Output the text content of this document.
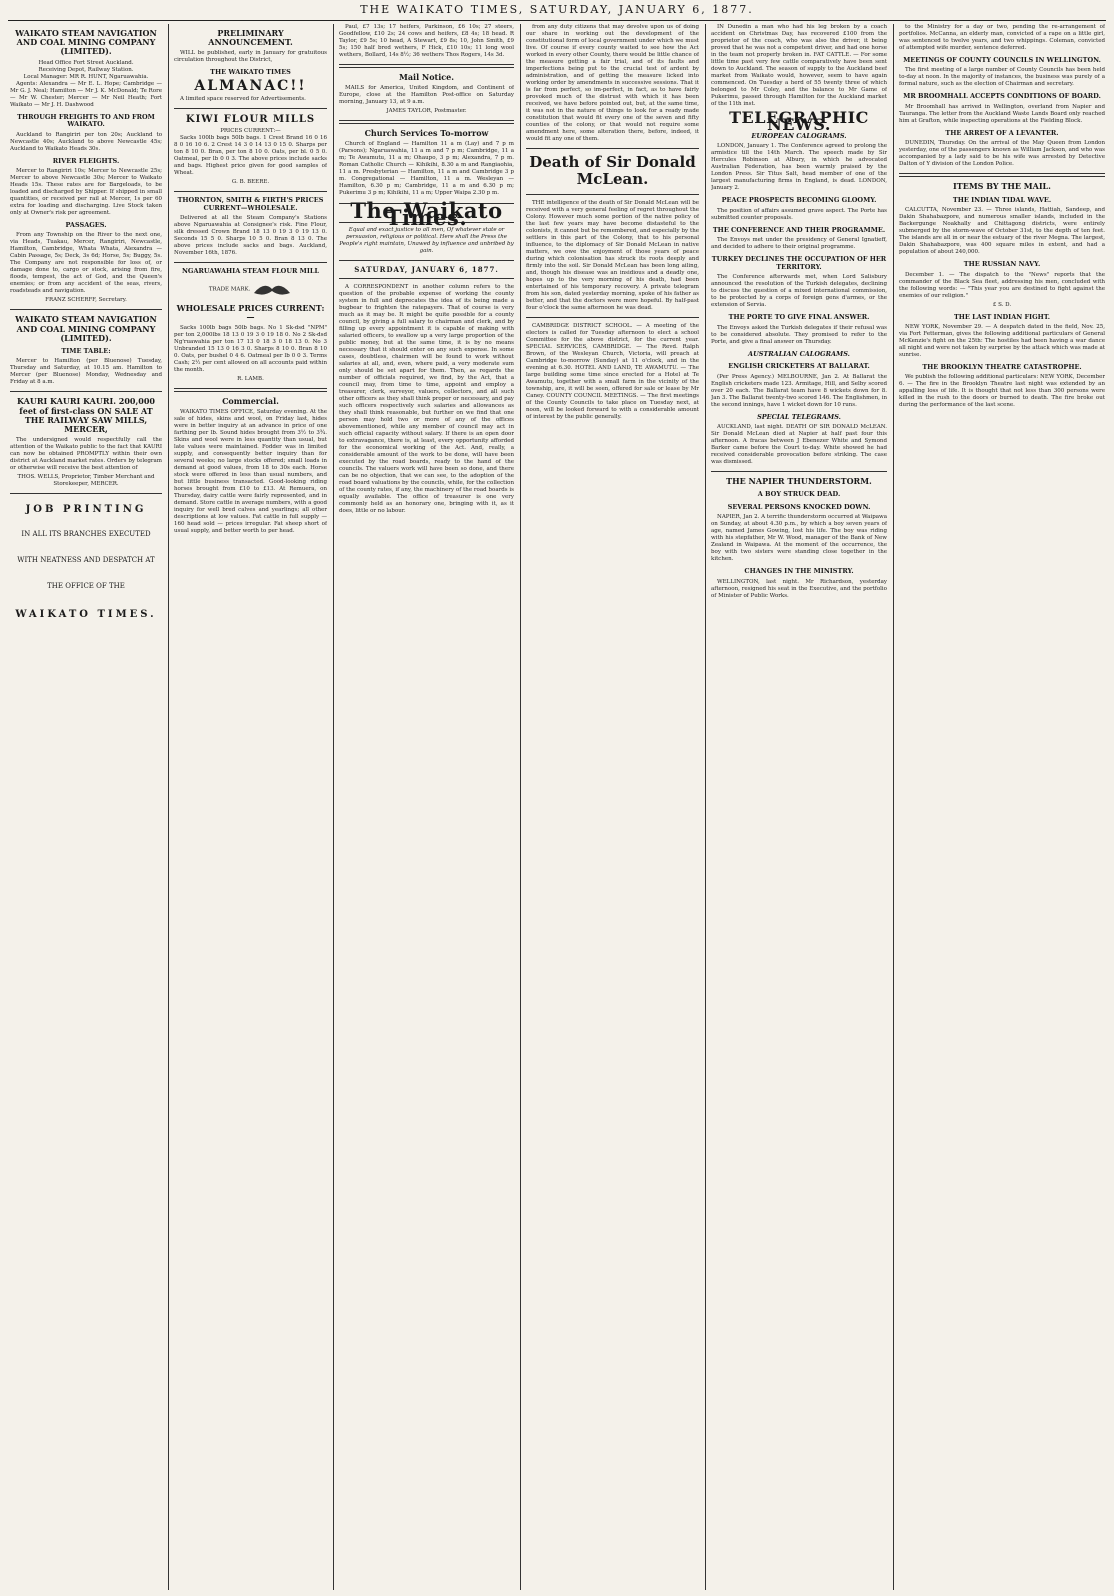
THE WAIKATO TIMES, SATURDAY, JANUARY 6, 1877.
WAIKATO STEAM NAVIGATION AND COAL MINING COMPANY (LIMITED).
Head Office Fort Street Auckland.
Receiving Depot, Railway Station.
Local Manager: MR R. HUNT, Ngaruawahia.
Agents: Alexandra — Mr E. L. Hope; Cambridge — Mr G. J. Neal; Hamilton — Mr J. K. McDonald; Te Rore — Mr W. Chester; Mercer — Mr Neil Heath; Fort Waikato — Mr J. H. Dashwood
THROUGH FREIGHTS TO AND FROM WAIKATO.
Auckland to Rangiriri per ton 20s; Auckland to Newcastle 40s; Auckland to above Newcastle 45s; Auckland to Waikato Heads 30s.
RIVER FLEIGHTS.
Mercer to Rangiriri 10s; Mercer to Newcastle 25s; Mercer to above Newcastle 30s; Mercer to Waikato Heads 15s. These rates are for Bargeloads, to be loaded and discharged by Shipper. If shipped in small quantities, or received per rail at Mercer, 1s per 60 extra for loading and discharging. Live Stock taken only at Owner's risk per agreement.
PASSAGES.
From any Township on the River to the next one, via Heads, Tuakau, Mercer, Rangiriri, Newcastle, Hamilton, Cambridge, Whata Whata, Alexandra — Cabin Passage, 5s; Deck, 3s 6d; Horse, 5s; Buggy, 5s. The Company are not responsible for loss of, or damage done to, cargo or stock, arising from fire, floods, tempest, the act of God, and the Queen's enemies; or from any accident of the seas, rivers, roadsteads and navigation.
FRANZ SCHERFF, Secretary.
WAIKATO STEAM NAVIGATION AND COAL MINING COMPANY (LIMITED).
TIME TABLE:
Mercer to Hamilton (per Bluenose) Tuesday, Thursday and Saturday, at 10.15 am. Hamilton to Mercer (per Bluenose) Monday, Wednesday and Friday at 8 a.m.
KAURI KAURI KAURI. 200,000 feet of first-class ON SALE AT THE RAILWAY SAW MILLS, MERCER,
The undersigned would respectfully call the attention of the Waikato public to the fact that KAURI can now be obtained PROMPTLY within their own district at Auckland market rates. Orders by telegram or otherwise will receive the best attention of
THOS. WELLS, Proprietor, Timber Merchant and Storekeeper, MERCER.
JOB PRINTING
IN ALL ITS BRANCHES EXECUTED WITH NEATNESS AND DESPATCH AT THE OFFICE OF THE
WAIKATO TIMES.
PRELIMINARY ANNOUNCEMENT.
WILL be published, early in January for gratuitous circulation throughout the District,
THE WAIKATO TIMES
ALMANAC!!
A limited space reserved for Advertisements.
KIWI FLOUR MILLS
PRICES CURRENT:—
Sacks 100lb bags 50lb bags. 1 Crest Brand 16 0 16 8 0 16 10 6. 2 Crest 14 3 0 14 13 0 15 0. Sharps per ton 8 10 0. Bran, per ton 8 10 0. Oats, per bl. 0 5 0. Oatmeal, per lb 0 0 3. The above prices include sacks and bags. Highest price given for good samples of Wheat.
G. B. BEERE.
THORNTON, SMITH & FIRTH'S PRICES CURRENT—WHOLESALE.
Delivered at all the Steam Company's Stations above Ngaruawahia at Consignee's risk. Fine Flour, silk dressed Crown Brand 18 13 0 19 3 0 19 13 0. Seconds 15 5 0. Sharps 10 5 0. Bran 8 13 0. The above prices include sacks and bags. Auckland, November 16th, 1876.
NGARUAWAHIA STEAM FLOUR MILL
TRADE MARK.
WHOLESALE PRICES CURRENT:—
Sacks 100lb bags 50lb bags. No 1 Sk-dsd "NPM" per ton 2,000lbs 18 13 0 19 3 0 19 18 0. No 2 Sk-dsd Ng'ruawahia per ton 17 13 0 18 3 0 18 13 0. No 3 Unbranded 15 13 0 16 3 0. Sharps 8 10 0. Bran 8 10 0. Oats, per bushel 0 4 6. Oatmeal per lb 0 0 3. Terms Cash; 2½ per cent allowed on all accounts paid within the month.
R. LAMB.
Commercial.
WAIKATO TIMES OFFICE, Saturday evening. At the sale of hides, skins and wool, on Friday last, hides were in better inquiry at an advance in price of one farthing per lb. Sound hides brought from 3½ to 3¾. Skins and wool were in less quantity than usual, but late values were maintained. Fodder was in limited supply, and consequently better inquiry than for several weeks; no large stocks offered; small loads in demand at good values, from 18 to 30s each. Horse stock were offered in less than usual numbers, and but little business transacted. Good-looking riding horses brought from £10 to £13. At Remuera, on Thursday, dairy cattle were fairly represented, and in demand. Store cattle in average numbers, with a good inquiry for well bred calves and yearlings; all other descriptions at low values. Fat cattle in full supply — 160 head sold — prices irregular. Fat sheep short of usual supply, and better worth to per head.
Paul, £7 13s; 17 heifers, Parkinson, £6 10s; 27 steers, Goodfellow, £10 2s; 24 cows and heifers, £8 4s; 18 head. R Taylor, £9 5s; 10 head, A Stewart, £9 8s; 10, John Smith, £9 5s; 150 half bred wethers, F Hick, £10 10s; 11 long wool wethers, Bollard, 14s 8½; 36 wethers Thos Rogers, 14s 3d.
Mail Notice.
MAILS for America, United Kingdom, and Continent of Europe, close at the Hamilton Post-office on Saturday morning, January 13, at 9 a.m.
JAMES TAYLOR, Postmaster.
Church Services To-morrow
Church of England — Hamilton 11 a m (Lay) and 7 p m (Parsons); Ngaruawahia, 11 a m and 7 p m; Cambridge, 11 a m; Te Awamutu, 11 a m; Ohaupo, 3 p m; Alexandra, 7 p m. Roman Catholic Church — Kihikihi, 8.30 a m and Rangiaohia, 11 a m. Presbyterian — Hamilton, 11 a m and Cambridge 3 p m. Congregational — Hamilton, 11 a m. Wesleyan — Hamilton, 6.30 p m; Cambridge, 11 a m and 6.30 p m; Pukerimu 3 p m; Kihikihi, 11 a m; Upper Waipa 2.30 p m.
The Waikato Times.
Equal and exact justice to all men, Of whatever state or persuasion, religious or political. Here shall the Press the People's right maintain, Unawed by influence and unbribed by gain.
SATURDAY, JANUARY 6, 1877.
A CORRESPONDENT in another column refers to the question of the probable expense of working the county system in full and deprecates the idea of its being made a bugbear to frighten the ratepayers. That of course is very much as it may be. It might be quite possible for a county council, by giving a full salary to chairman and clerk, and by filling up every appointment it is capable of making with salaried officers, to swallow up a very large proportion of the public money, but at the same time, it is by no means necessary that it should enter on any such expense. In some cases, doubtless, chairmen will be found to work without salaries at all, and, even, where paid, a very moderate sum only should be set apart for them. Then, as regards the number of officials required, we find, by the Act, that a council may, from time to time, appoint and employ a treasurer, clerk, surveyor, valuers, collectors, and all such other officers as they shall think proper or necessary, and pay such officers respectively such salaries and allowances as they shall think reasonable, but further on we find that one person may hold two or more of any of the offices abovementioned, while any member of council may act in such official capacity without salary. If there is an open door to extravagance, there is, at least, every opportunity afforded for the economical working of the Act. And, really, a considerable amount of the work to be done, will have been executed by the road boards, ready to the hand of the councils. The valuers work will have been so done, and there can be no objection, that we can see, to the adoption of the road board valuations by the councils, while, for the collection of the county rates, if any, the machinery of the road boards is equally available. The office of treasurer is one very commonly held as an honorary one, bringing with it, as it does, little or no labour.
from any duty citizens that may devolve upon us of doing our share in working out the development of the constitutional form of local government under which we must live. Of course if every county waited to see how the Act worked in every other County, there would be little chance of the measure getting a fair trial, and of its faults and imperfections being put to the crucial test of ardent by administration, and of getting the measure licked into working order by amendments in successive sessions. That it is far from perfect, so im-perfect, in fact, as to have fairly provoked much of the distrust with which it has been received, we have before pointed out, but, at the same time, it was not in the nature of things to look for a ready made constitution that would fit every one of the seven and fifty counties of the colony, or that would not require some amendment here, some alteration there, before, indeed, it would fit any one of them.
Death of Sir Donald McLean.
THE intelligence of the death of Sir Donald McLean will be received with a very general feeling of regret throughout the Colony. However much some portion of the native policy of the last few years may have become distasteful to the colonists, it cannot but be remembered, and especially by the settlers in this part of the Colony, that to his personal influence, to the diplomacy of Sir Donald McLean in native matters, we owe the enjoyment of those years of peace during which colonisation has struck its roots deeply and firmly into the soil. Sir Donald McLean has been long ailing, and, though his disease was an insidious and a deadly one, hopes up to the very morning of his death, had been entertained of his temporary recovery. A private telegram from his son, dated yesterday morning, spoke of his father as better, and that the doctors were more hopeful. By half-past four o'clock the same afternoon he was dead.
CAMBRIDGE DISTRICT SCHOOL. — A meeting of the electors is called for Tuesday afternoon to elect a school Committee for the above district, for the current year. SPECIAL SERVICES, CAMBRIDGE. — The Revd. Ralph Brown, of the Wesleyan Church, Victoria, will preach at Cambridge to-morrow (Sunday) at 11 o'clock, and in the evening at 6.30. HOTEL AND LAND, TE AWAMUTU. — The large building some time since erected for a Hotel at Te Awamutu, together with a small farm in the vicinity of the township, are, it will be seen, offered for sale or lease by Mr Caney. COUNTY COUNCIL MEETINGS. — The first meetings of the County Councils to take place on Tuesday next, at noon, will be looked forward to with a considerable amount of interest by the public generally.
IN Dunedin a man who had his leg broken by a coach accident on Christmas Day, has recovered £100 from the proprietor of the coach, who was also the driver, it being proved that he was not a competent driver, and had one horse in the team not properly broken in. FAT CATTLE. — For some little time past very few cattle comparatively have been sent down to Auckland. The season of supply to the Auckland beef market from Waikato would, however, seem to have again commenced. On Tuesday a herd of 55 twenty three of which belonged to Mr Coley, and the balance to Mr Game of Pukerimu, passed through Hamilton for the Auckland market of the 11th inst.
TELEGRAPHIC NEWS.
EUROPEAN CALOGRAMS.
LONDON, January 1. The Conference agreed to prolong the armistice till the 14th March. The speech made by Sir Hercules Robinson at Albury, in which he advocated Australian Federation, has been warmly praised by the London Press. Sir Titus Salt, head member of one of the largest manufacturing firms in England, is dead. LONDON, January 2.
PEACE PROSPECTS BECOMING GLOOMY.
The position of affairs assumed grave aspect. The Porte has submitted counter proposals.
THE CONFERENCE AND THEIR PROGRAMME.
The Envoys met under the presidency of General Ignatieff, and decided to adhere to their original programme.
TURKEY DECLINES THE OCCUPATION OF HER TERRITORY.
The Conference afterwards met, when Lord Salisbury announced the resolution of the Turkish delegates, declining to discuss the question of a mixed international commission, to be protected by a corps of foreign gens d'armes, or the extension of Servia.
THE PORTE TO GIVE FINAL ANSWER.
The Envoys asked the Turkish delegates if their refusal was to be considered absolute. They promised to refer to the Porte, and give a final answer on Thursday.
AUSTRALIAN CALOGRAMS.
ENGLISH CRICKETERS AT BALLARAT.
(Per Press Agency.) MELBOURNE, Jan 2. At Ballarat the English cricketers made 123. Armitage, Hill, and Selby scored over 20 each. The Ballarat team have 8 wickets down for 8. Jan 3. The Ballarat twenty-two scored 146. The Englishmen, in the second innings, have 1 wicket down for 10 runs.
SPECIAL TELEGRAMS.
AUCKLAND, last night. DEATH OF SIR DONALD McLEAN. Sir Donald McLean died at Napier at half past four this afternoon. A fracas between J Ebenezer White and Symond Barker came before the Court to-day. White showed he had received considerable provocation before striking. The case was dismissed.
THE NAPIER THUNDERSTORM.
A BOY STRUCK DEAD.
SEVERAL PERSONS KNOCKED DOWN.
NAPIER, Jan 2. A terrific thunderstorm occurred at Waipawa on Sunday, at about 4.30 p.m., by which a boy seven years of age, named James Gowing, lost his life. The boy was riding with his stepfather, Mr W. Wood, manager of the Bank of New Zealand in Waipawa. At the moment of the occurrence, the boy with two sisters were standing close together in the kitchen.
CHANGES IN THE MINISTRY.
WELLINGTON, last night. Mr Richardson, yesterday afternoon, resigned his seat in the Executive, and the portfolio of Minister of Public Works.
to the Ministry for a day or two, pending the re-arrangement of portfolios. McCanna, an elderly man, convicted of a rape on a little girl, was sentenced to twelve years, and two whippings. Coleman, convicted of attempted wife murder, sentence deferred.
MEETINGS OF COUNTY COUNCILS IN WELLINGTON.
The first meeting of a large number of County Councils has been held to-day at noon. In the majority of instances, the business was purely of a formal nature, such as the election of Chairman and secretary.
MR BROOMHALL ACCEPTS CONDITIONS OF BOARD.
Mr Broomhall has arrived in Wellington, overland from Napier and Tauranga. The letter from the Auckland Waste Lands Board only reached him at Grafton, while inspecting operations at the Fielding Block.
THE ARREST OF A LEVANTER.
DUNEDIN, Thursday. On the arrival of the May Queen from London yesterday, one of the passengers known as William Jackson, and who was accompanied by a lady said to be his wife was arrested by Detective Dalton of Y division of the London Police.
ITEMS BY THE MAIL.
THE INDIAN TIDAL WAVE.
CALCUTTA, November 23. — Three islands, Hattiah, Sandeep, and Dakin Shahabazpore, and numerous smaller islands, included in the Backergunge Noakhally and Chittagong districts, were entirely submerged by the storm-wave of October 31st, to the depth of ten feet. The islands are all in or near the estuary of the river Megna. The largest, Dakin Shahabazpore, was 400 square miles in extent, and had a population of about 240,000.
THE RUSSIAN NAVY.
December 1. — The dispatch to the "News" reports that the commander of the Black Sea fleet, addressing his men, concluded with the following words: — "This year you are destined to fight against the enemies of our religion."
£ S. D.
THE LAST INDIAN FIGHT.
NEW YORK, November 29. — A despatch dated in the field, Nov. 25, via Fort Fetterman, gives the following additional particulars of General McKenzie's fight on the 25th: The hostiles had been having a war dance all night and were not taken by surprise by the attack which was made at sunrise.
THE BROOKLYN THEATRE CATASTROPHE.
We publish the following additional particulars: NEW YORK, December 6. — The fire in the Brooklyn Theatre last night was extended by an appalling loss of life. It is thought that not less than 300 persons were killed in the rush to the doors or burned to death. The fire broke out during the performance of the last scene.
